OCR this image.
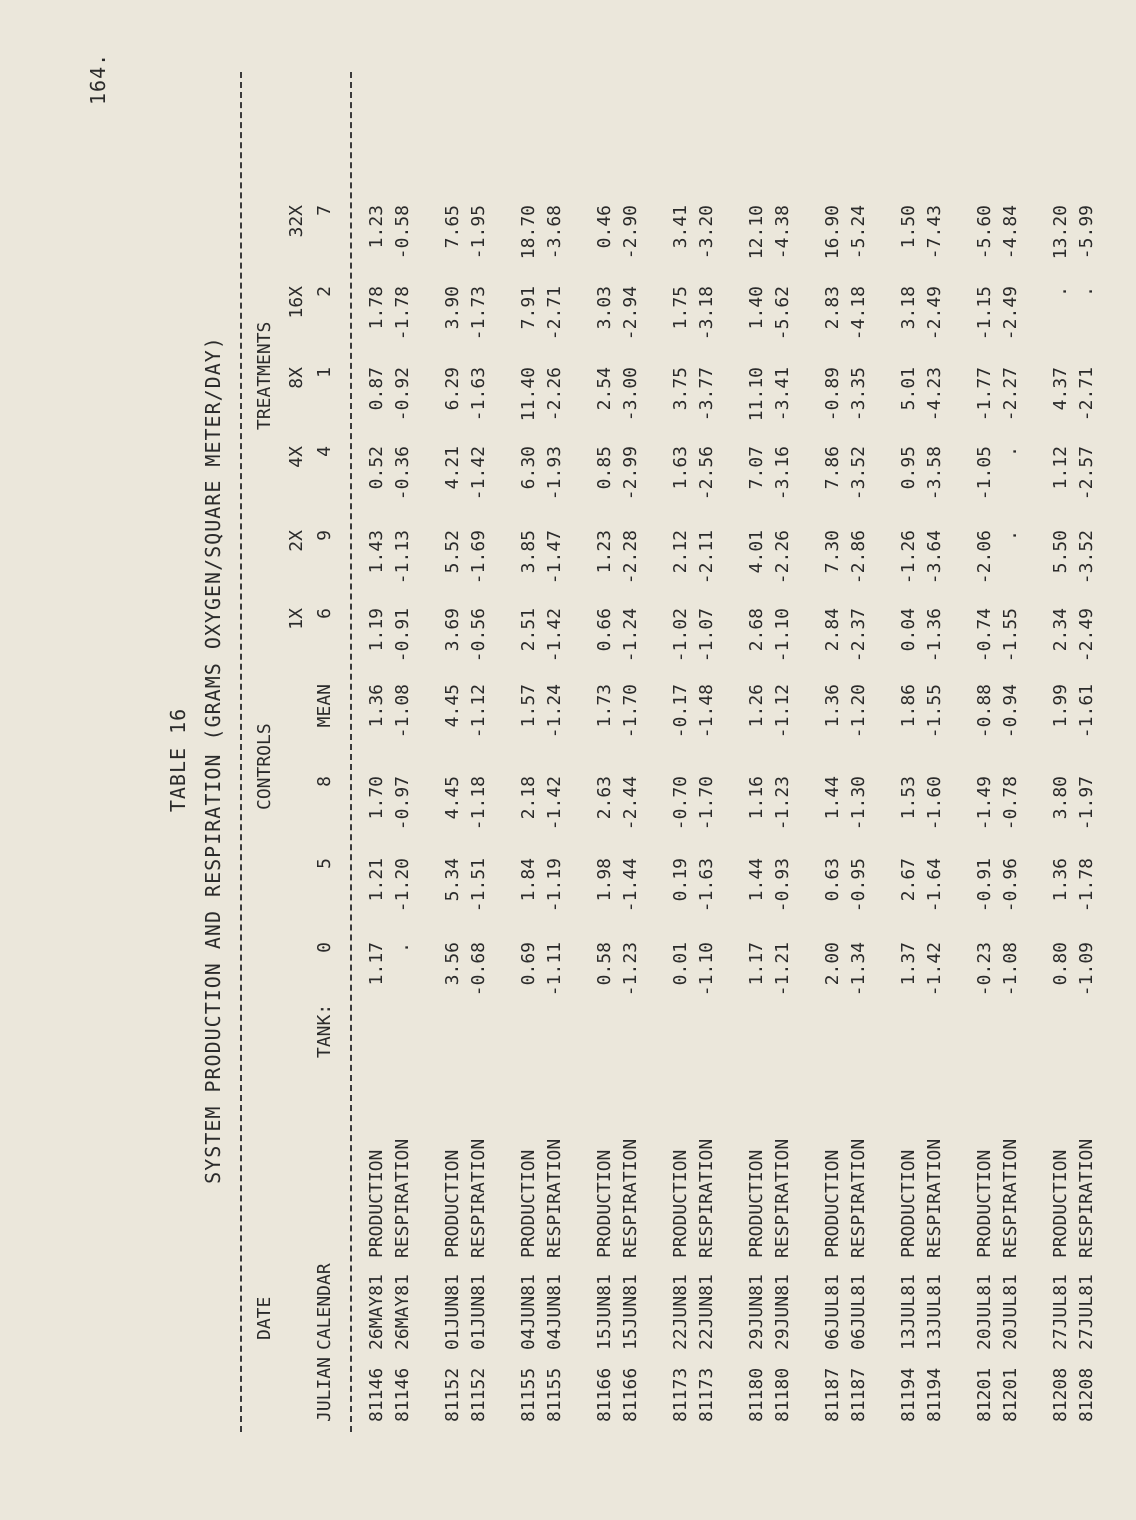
164.
TABLE 16 SYSTEM PRODUCTION AND RESPIRATION (GRAMS OXYGEN/SQUARE METER/DAY)
DATE
CONTROLS
TREATMENTS
JULIAN
CALENDAR
TANK:
0
5
8
MEAN
1X 6
2X 9
4X 4
8X 1
16X 2
32X 7
81146
26MAY81
PRODUCTION
1.17
1.21
1.70
1.36
1.19
1.43
0.52
0.87
1.78
1.23
81146
26MAY81
RESPIRATION
.
-1.20
-0.97
-1.08
-0.91
-1.13
-0.36
-0.92
-1.78
-0.58
81152
01JUN81
PRODUCTION
3.56
5.34
4.45
4.45
3.69
5.52
4.21
6.29
3.90
7.65
81152
01JUN81
RESPIRATION
-0.68
-1.51
-1.18
-1.12
-0.56
-1.69
-1.42
-1.63
-1.73
-1.95
81155
04JUN81
PRODUCTION
0.69
1.84
2.18
1.57
2.51
3.85
6.30
11.40
7.91
18.70
81155
04JUN81
RESPIRATION
-1.11
-1.19
-1.42
-1.24
-1.42
-1.47
-1.93
-2.26
-2.71
-3.68
81166
15JUN81
PRODUCTION
0.58
1.98
2.63
1.73
0.66
1.23
0.85
2.54
3.03
0.46
81166
15JUN81
RESPIRATION
-1.23
-1.44
-2.44
-1.70
-1.24
-2.28
-2.99
-3.00
-2.94
-2.90
81173
22JUN81
PRODUCTION
0.01
0.19
-0.70
-0.17
-1.02
2.12
1.63
3.75
1.75
3.41
81173
22JUN81
RESPIRATION
-1.10
-1.63
-1.70
-1.48
-1.07
-2.11
-2.56
-3.77
-3.18
-3.20
81180
29JUN81
PRODUCTION
1.17
1.44
1.16
1.26
2.68
4.01
7.07
11.10
1.40
12.10
81180
29JUN81
RESPIRATION
-1.21
-0.93
-1.23
-1.12
-1.10
-2.26
-3.16
-3.41
-5.62
-4.38
81187
06JUL81
PRODUCTION
2.00
0.63
1.44
1.36
2.84
7.30
7.86
-0.89
2.83
16.90
81187
06JUL81
RESPIRATION
-1.34
-0.95
-1.30
-1.20
-2.37
-2.86
-3.52
-3.35
-4.18
-5.24
81194
13JUL81
PRODUCTION
1.37
2.67
1.53
1.86
0.04
-1.26
0.95
5.01
3.18
1.50
81194
13JUL81
RESPIRATION
-1.42
-1.64
-1.60
-1.55
-1.36
-3.64
-3.58
-4.23
-2.49
-7.43
81201
20JUL81
PRODUCTION
-0.23
-0.91
-1.49
-0.88
-0.74
-2.06
-1.05
-1.77
-1.15
-5.60
81201
20JUL81
RESPIRATION
-1.08
-0.96
-0.78
-0.94
-1.55
.
.
-2.27
-2.49
-4.84
81208
27JUL81
PRODUCTION
0.80
1.36
3.80
1.99
2.34
5.50
1.12
4.37
.
13.20
81208
27JUL81
RESPIRATION
-1.09
-1.78
-1.97
-1.61
-2.49
-3.52
-2.57
-2.71
.
-5.99
